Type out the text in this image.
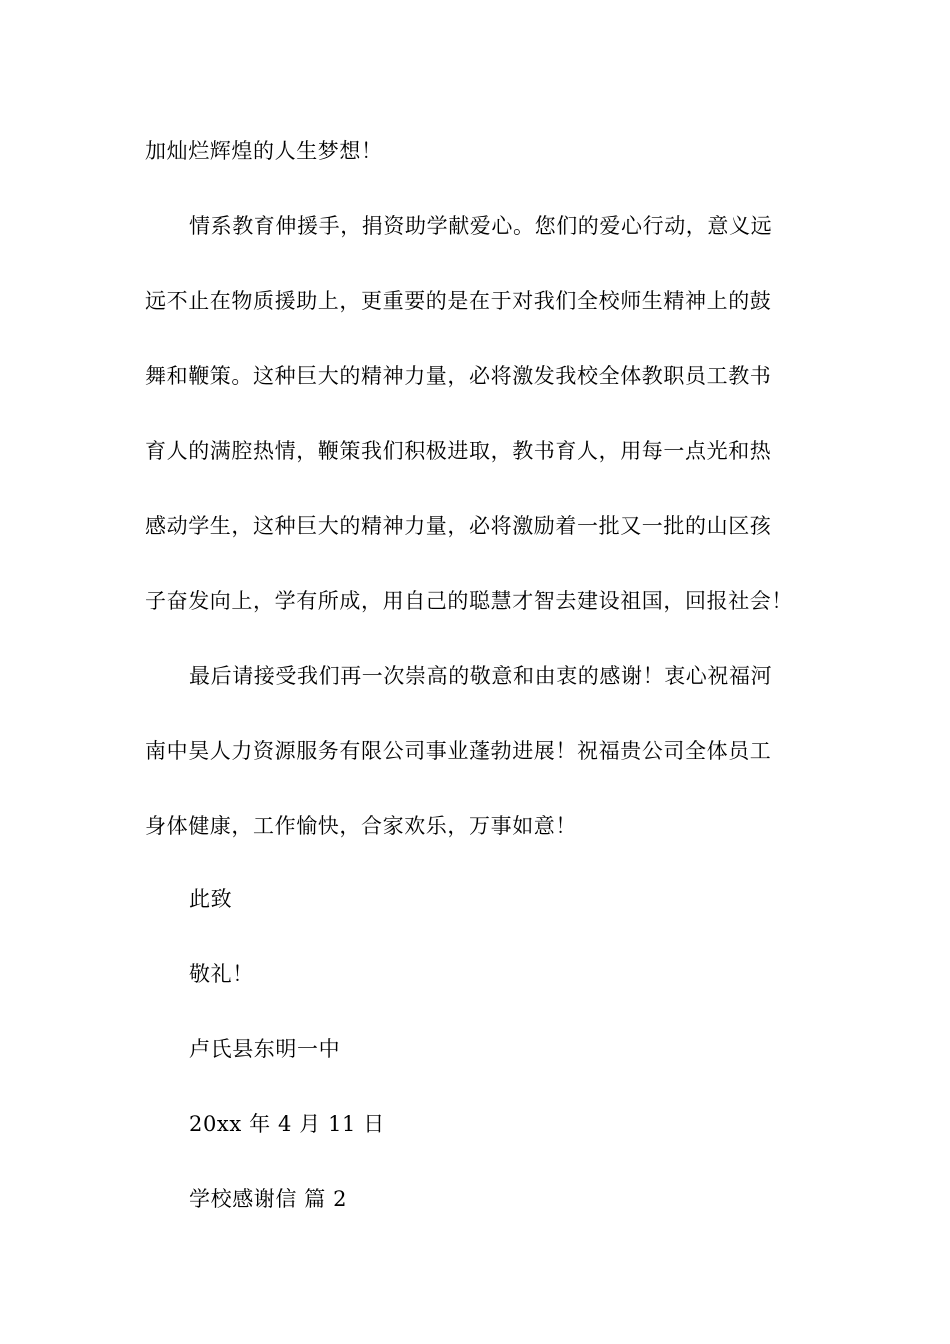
加灿烂辉煌的人生梦想！
情系教育伸援手，捐资助学献爱心。您们的爱心行动，意义远
远不止在物质援助上，更重要的是在于对我们全校师生精神上的鼓
舞和鞭策。这种巨大的精神力量，必将激发我校全体教职员工教书
育人的满腔热情，鞭策我们积极进取，教书育人，用每一点光和热
感动学生，这种巨大的精神力量，必将激励着一批又一批的山区孩
子奋发向上，学有所成，用自己的聪慧才智去建设祖国，回报社会！
最后请接受我们再一次崇高的敬意和由衷的感谢！衷心祝福河
南中昊人力资源服务有限公司事业蓬勃进展！祝福贵公司全体员工
身体健康，工作愉快，合家欢乐，万事如意！
此致
敬礼！
卢氏县东明一中
20xx 年 4 月 11 日
学校感谢信 篇 2
